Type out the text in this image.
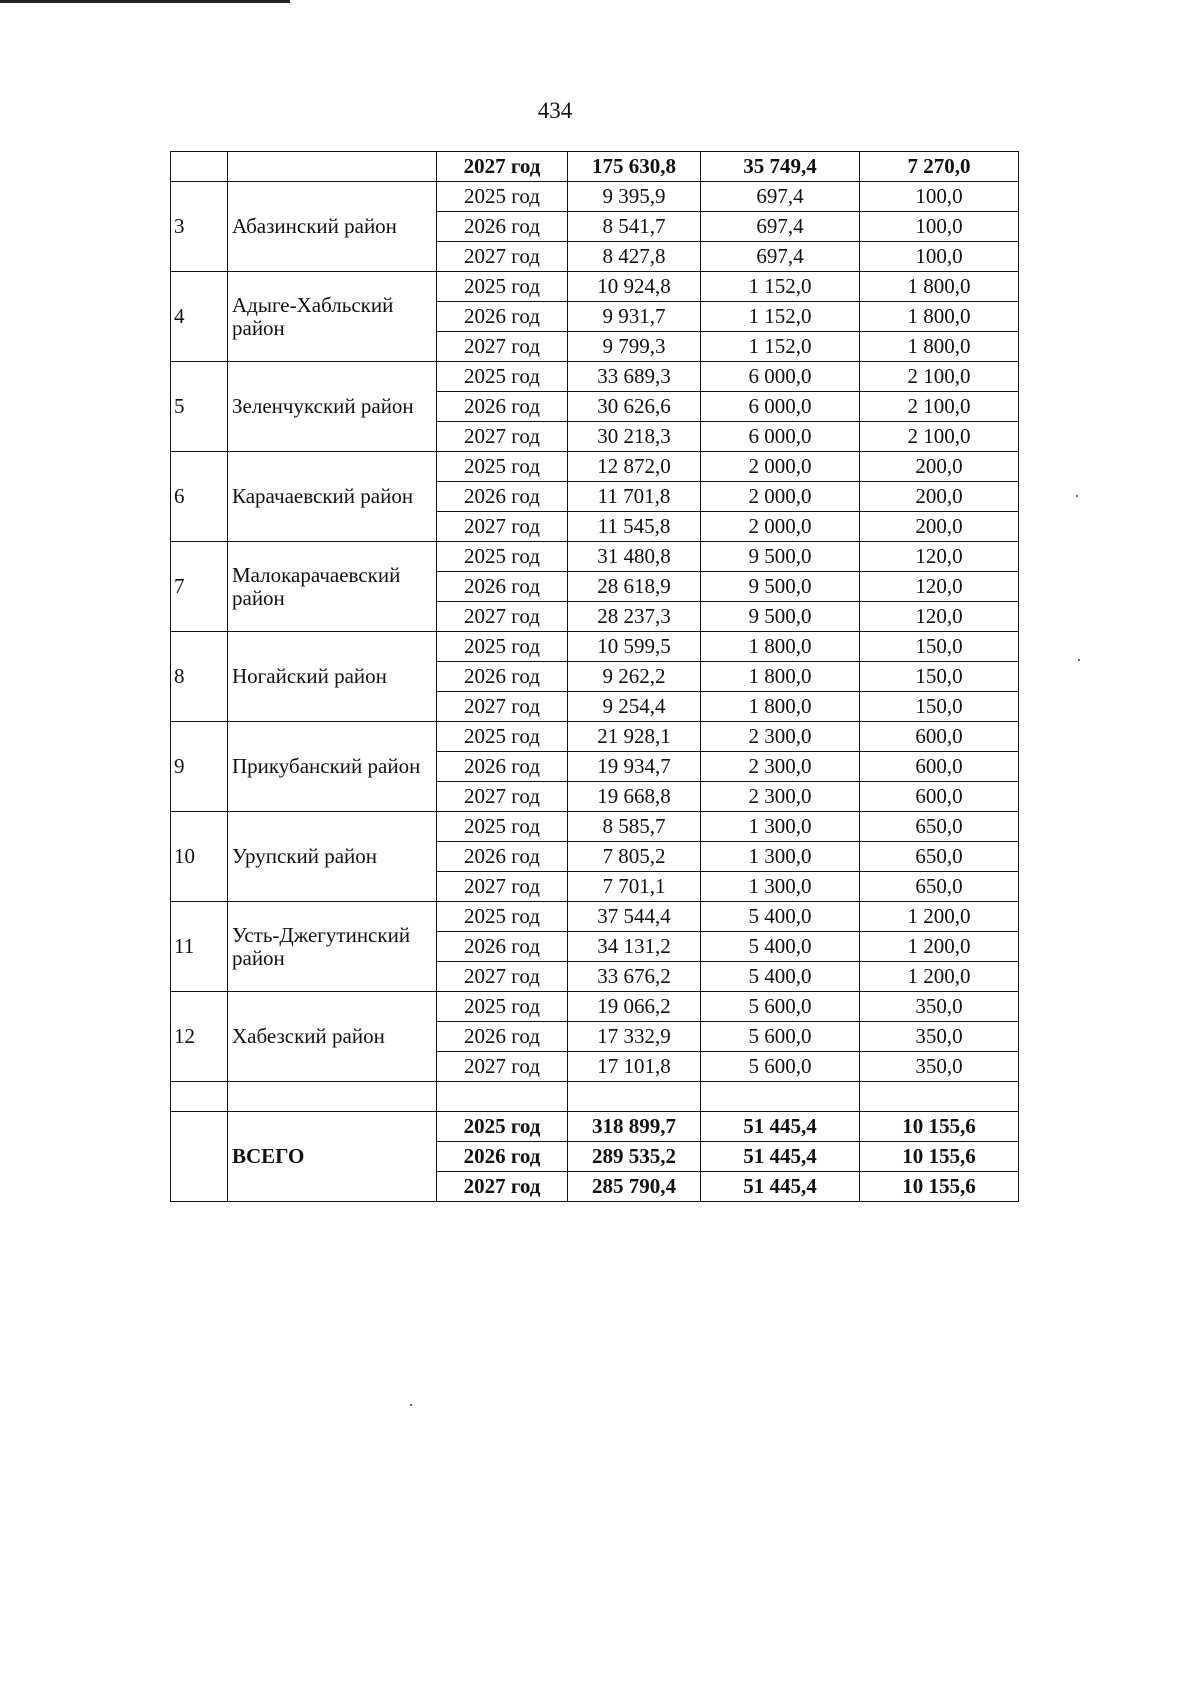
434
		2027 год	175 630,8	35 749,4	7 270,0
3	Абазинский район	2025 год	9 395,9	697,4	100,0
		2026 год	8 541,7	697,4	100,0
		2027 год	8 427,8	697,4	100,0
4	Адыге-Хабльский район	2025 год	10 924,8	1 152,0	1 800,0
		2026 год	9 931,7	1 152,0	1 800,0
		2027 год	9 799,3	1 152,0	1 800,0
5	Зеленчукский район	2025 год	33 689,3	6 000,0	2 100,0
		2026 год	30 626,6	6 000,0	2 100,0
		2027 год	30 218,3	6 000,0	2 100,0
6	Карачаевский район	2025 год	12 872,0	2 000,0	200,0
		2026 год	11 701,8	2 000,0	200,0
		2027 год	11 545,8	2 000,0	200,0
7	Малокарачаевский район	2025 год	31 480,8	9 500,0	120,0
		2026 год	28 618,9	9 500,0	120,0
		2027 год	28 237,3	9 500,0	120,0
8	Ногайский район	2025 год	10 599,5	1 800,0	150,0
		2026 год	9 262,2	1 800,0	150,0
		2027 год	9 254,4	1 800,0	150,0
9	Прикубанский район	2025 год	21 928,1	2 300,0	600,0
		2026 год	19 934,7	2 300,0	600,0
		2027 год	19 668,8	2 300,0	600,0
10	Урупский район	2025 год	8 585,7	1 300,0	650,0
		2026 год	7 805,2	1 300,0	650,0
		2027 год	7 701,1	1 300,0	650,0
11	Усть-Джегутинский район	2025 год	37 544,4	5 400,0	1 200,0
		2026 год	34 131,2	5 400,0	1 200,0
		2027 год	33 676,2	5 400,0	1 200,0
12	Хабезский район	2025 год	19 066,2	5 600,0	350,0
		2026 год	17 332,9	5 600,0	350,0
		2027 год	17 101,8	5 600,0	350,0

	ВСЕГО	2025 год	318 899,7	51 445,4	10 155,6
		2026 год	289 535,2	51 445,4	10 155,6
		2027 год	285 790,4	51 445,4	10 155,6
